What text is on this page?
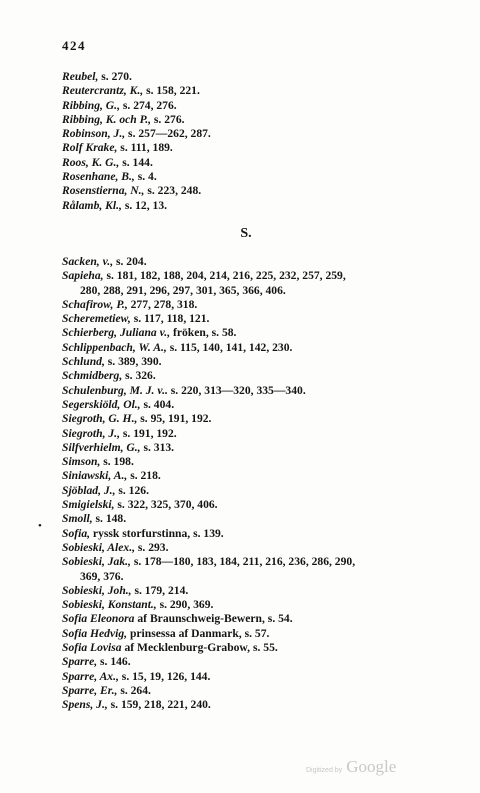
424
Reubel, s. 270.
Reutercrantz, K., s. 158, 221.
Ribbing, G., s. 274, 276.
Ribbing, K. och P., s. 276.
Robinson, J., s. 257—262, 287.
Rolf Krake, s. 111, 189.
Roos, K. G., s. 144.
Rosenhane, B., s. 4.
Rosenstierna, N., s. 223, 248.
Rålamb, Kl., s. 12, 13.
S.
Sacken, v., s. 204.
Sapieha, s. 181, 182, 188, 204, 214, 216, 225, 232, 257, 259,
280, 288, 291, 296, 297, 301, 365, 366, 406.
Schafirow, P., 277, 278, 318.
Scheremetiew, s. 117, 118, 121.
Schierberg, Juliana v., fröken, s. 58.
Schlippenbach, W. A., s. 115, 140, 141, 142, 230.
Schlund, s. 389, 390.
Schmidberg, s. 326.
Schulenburg, M. J. v.. s. 220, 313—320, 335—340.
Segerskiöld, Ol., s. 404.
Siegroth, G. H., s. 95, 191, 192.
Siegroth, J., s. 191, 192.
Silfverhielm, G., s. 313.
Simson, s. 198.
Siniawski, A., s. 218.
Sjöblad, J., s. 126.
Smigielski, s. 322, 325, 370, 406.
Smoll, s. 148.
Sofia, ryssk storfurstinna, s. 139.
Sobieski, Alex., s. 293.
Sobieski, Jak., s. 178—180, 183, 184, 211, 216, 236, 286, 290,
369, 376.
Sobieski, Joh., s. 179, 214.
Sobieski, Konstant., s. 290, 369.
Sofia Eleonora af Braunschweig-Bewern, s. 54.
Sofia Hedvig, prinsessa af Danmark, s. 57.
Sofia Lovisa af Mecklenburg-Grabow, s. 55.
Sparre, s. 146.
Sparre, Ax., s. 15, 19, 126, 144.
Sparre, Er., s. 264.
Spens, J., s. 159, 218, 221, 240.
•
Digitized by Google
